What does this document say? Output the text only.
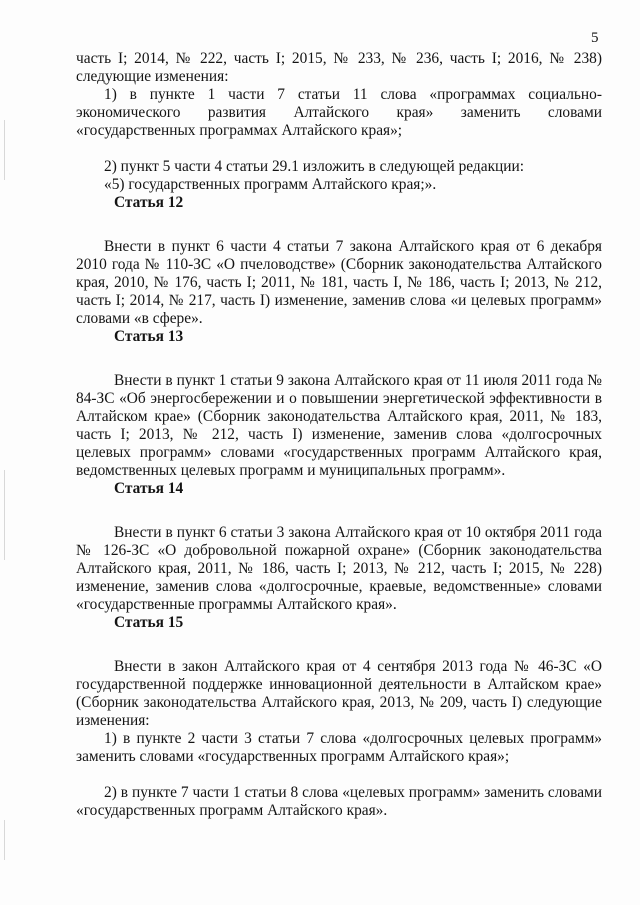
5

часть I; 2014, № 222, часть I; 2015, № 233, № 236, часть I; 2016, № 238) следующие изменения:

1) в пункте 1 части 7 статьи 11 слова «программах социально-экономического развития Алтайского края» заменить словами «государственных программах Алтайского края»;

2) пункт 5 части 4 статьи 29.1 изложить в следующей редакции:

«5) государственных программ Алтайского края;».

Статья 12

Внести в пункт 6 части 4 статьи 7 закона Алтайского края от 6 декабря 2010 года № 110-ЗС «О пчеловодстве» (Сборник законодательства Алтайского края, 2010, № 176, часть I; 2011, № 181, часть I, № 186, часть I; 2013, № 212, часть I; 2014, № 217, часть I) изменение, заменив слова «и целевых программ» словами «в сфере».

Статья 13

Внести в пункт 1 статьи 9 закона Алтайского края от 11 июля 2011 года № 84-ЗС «Об энергосбережении и о повышении энергетической эффективности в Алтайском крае» (Сборник законодательства Алтайского края, 2011, № 183, часть I; 2013, № 212, часть I) изменение, заменив слова «долгосрочных целевых программ» словами «государственных программ Алтайского края, ведомственных целевых программ и муниципальных программ».

Статья 14

Внести в пункт 6 статьи 3 закона Алтайского края от 10 октября 2011 года № 126-ЗС «О добровольной пожарной охране» (Сборник законодательства Алтайского края, 2011, № 186, часть I; 2013, № 212, часть I; 2015, № 228) изменение, заменив слова «долгосрочные, краевые, ведомственные» словами «государственные программы Алтайского края».

Статья 15

Внести в закон Алтайского края от 4 сентября 2013 года № 46-ЗС «О государственной поддержке инновационной деятельности в Алтайском крае» (Сборник законодательства Алтайского края, 2013, № 209, часть I) следующие изменения:

1) в пункте 2 части 3 статьи 7 слова «долгосрочных целевых программ» заменить словами «государственных программ Алтайского края»;

2) в пункте 7 части 1 статьи 8 слова «целевых программ» заменить словами «государственных программ Алтайского края».
